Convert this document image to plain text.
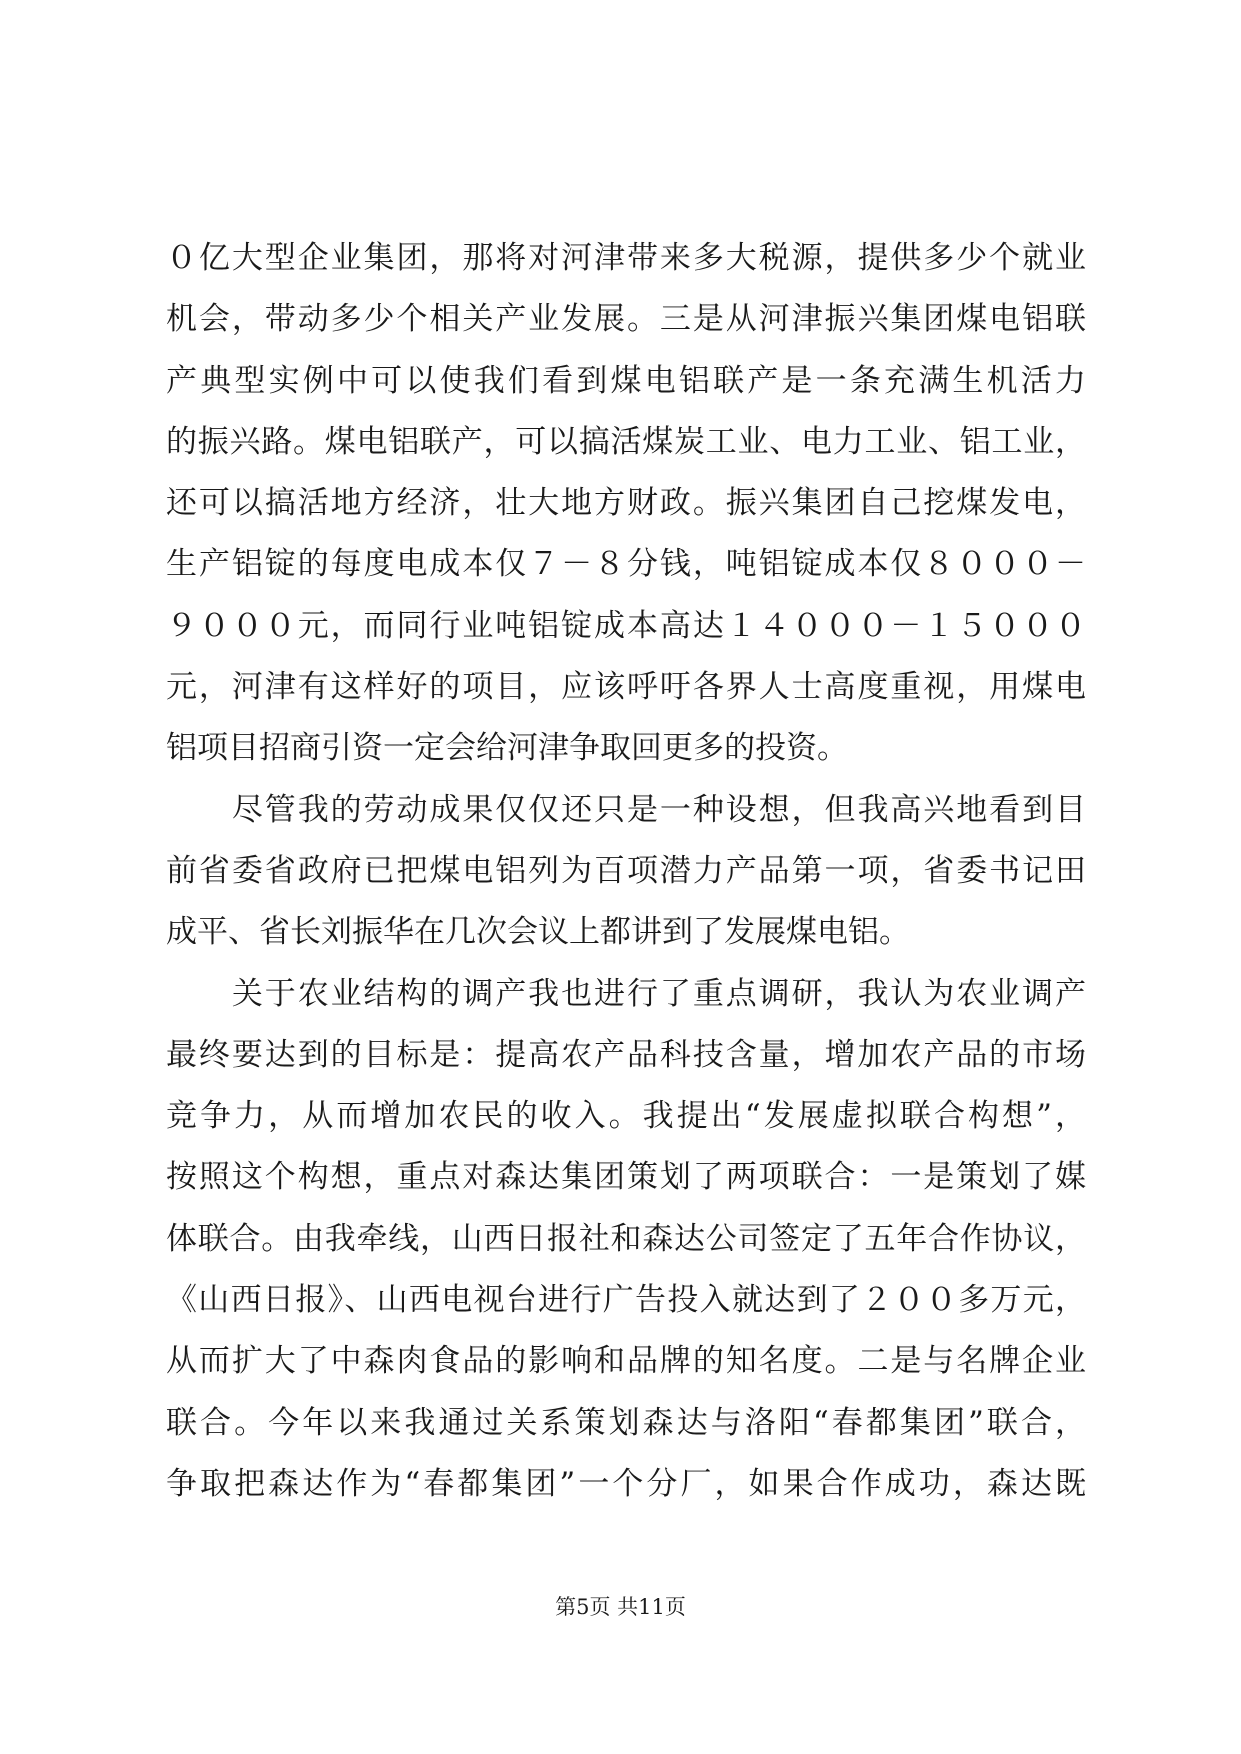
０亿大型企业集团，那将对河津带来多大税源，提供多少个就业
机会，带动多少个相关产业发展。三是从河津振兴集团煤电铝联
产典型实例中可以使我们看到煤电铝联产是一条充满生机活力
的振兴路。煤电铝联产，可以搞活煤炭工业、电力工业、铝工业，
还可以搞活地方经济，壮大地方财政。振兴集团自己挖煤发电，
生产铝锭的每度电成本仅７－８分钱，吨铝锭成本仅８０００－
９０００元，而同行业吨铝锭成本高达１４０００－１５０００
元，河津有这样好的项目，应该呼吁各界人士高度重视，用煤电
铝项目招商引资一定会给河津争取回更多的投资。
　　尽管我的劳动成果仅仅还只是一种设想，但我高兴地看到目
前省委省政府已把煤电铝列为百项潜力产品第一项，省委书记田
成平、省长刘振华在几次会议上都讲到了发展煤电铝。
　　关于农业结构的调产我也进行了重点调研，我认为农业调产
最终要达到的目标是：提高农产品科技含量，增加农产品的市场
竞争力，从而增加农民的收入。我提出“发展虚拟联合构想”，
按照这个构想，重点对森达集团策划了两项联合：一是策划了媒
体联合。由我牵线，山西日报社和森达公司签定了五年合作协议，
《山西日报》、山西电视台进行广告投入就达到了２００多万元，
从而扩大了中森肉食品的影响和品牌的知名度。二是与名牌企业
联合。今年以来我通过关系策划森达与洛阳“春都集团”联合，
争取把森达作为“春都集团”一个分厂，如果合作成功，森达既
第5页 共11页
